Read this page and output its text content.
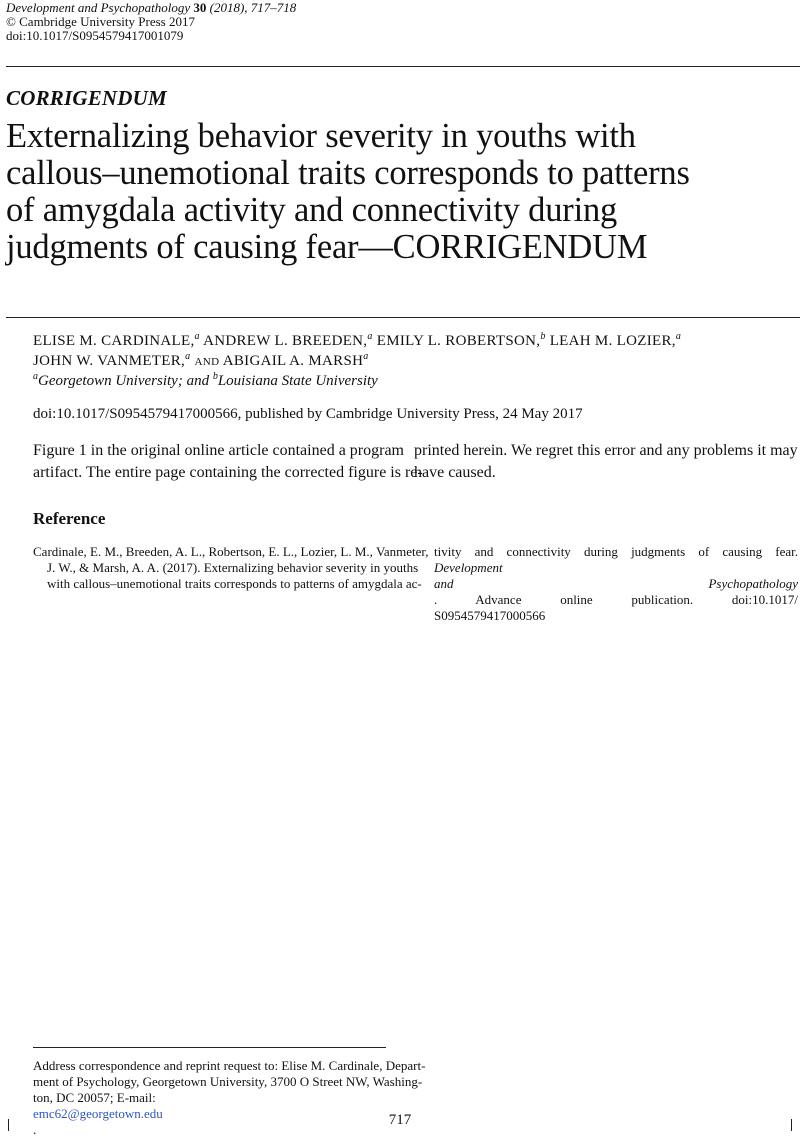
Development and Psychopathology 30 (2018), 717–718
© Cambridge University Press 2017
doi:10.1017/S0954579417001079
CORRIGENDUM
Externalizing behavior severity in youths with
callous–unemotional traits corresponds to patterns
of amygdala activity and connectivity during
judgments of causing fear—CORRIGENDUM
ELISE M. CARDINALE,$^a$ ANDREW L. BREEDEN,$^a$ EMILY L. ROBERTSON,$^b$ LEAH M. LOZIER,$^a$
JOHN W. VANMETER,$^a$ AND ABIGAIL A. MARSH$^a$
$^a$Georgetown University; and $^b$Louisiana State University
doi:10.1017/S0954579417000566, published by Cambridge University Press, 24 May 2017
Figure 1 in the original online article contained a program
artifact. The entire page containing the corrected figure is re-
printed herein. We regret this error and any problems it may
have caused.
Reference
Cardinale, E. M., Breeden, A. L., Robertson, E. L., Lozier, L. M., Vanmeter,
J. W., & Marsh, A. A. (2017). Externalizing behavior severity in youths
with callous–unemotional traits corresponds to patterns of amygdala ac-
tivity and connectivity during judgments of causing fear.
Development
and Psychopathology
. Advance online publication. doi:10.1017/
S0954579417000566
Address correspondence and reprint request to: Elise M. Cardinale, Depart-
ment of Psychology, Georgetown University, 3700 O Street NW, Washing-
ton, DC 20057; E-mail:
emc62@georgetown.edu
.
717
